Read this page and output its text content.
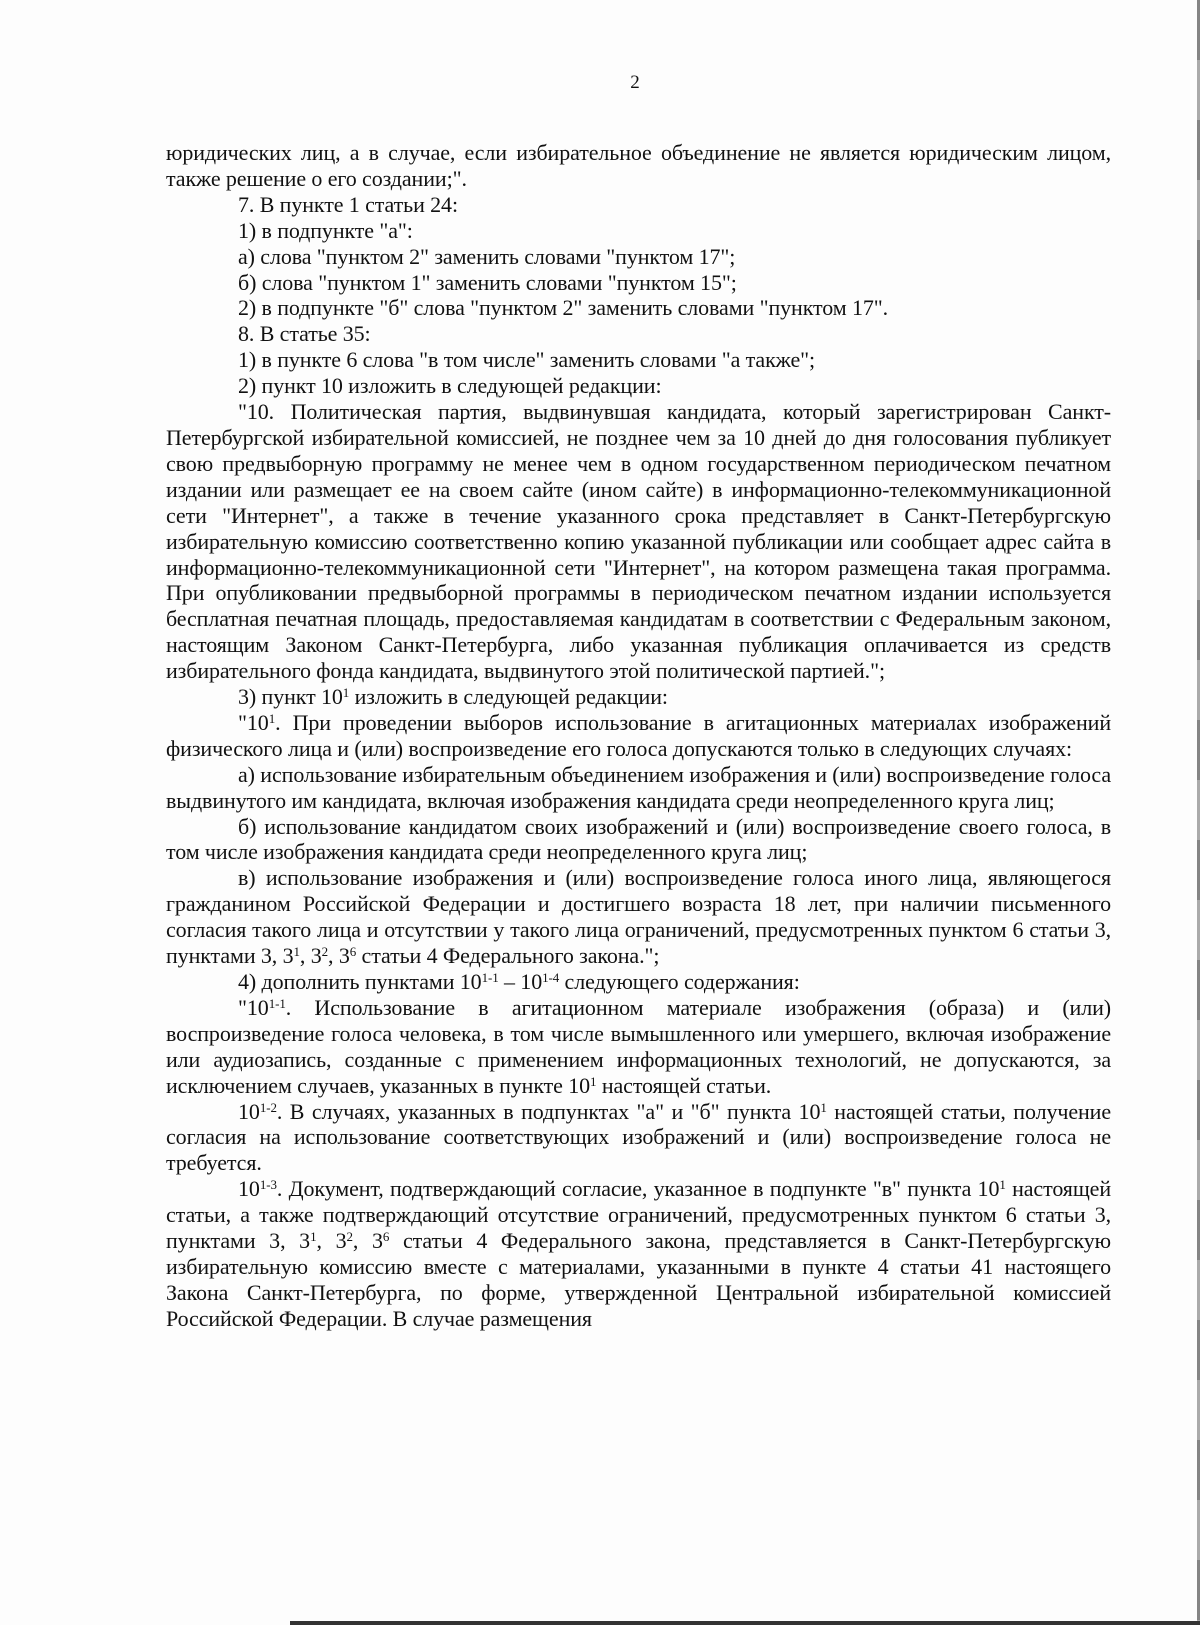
2

юридических лиц, а в случае, если избирательное объединение не является юридическим лицом, также решение о его создании;".

7. В пункте 1 статьи 24:

1) в подпункте "а":

а) слова "пунктом 2" заменить словами "пунктом 17";

б) слова "пунктом 1" заменить словами "пунктом 15";

2) в подпункте "б" слова "пунктом 2" заменить словами "пунктом 17".

8. В статье 35:

1) в пункте 6 слова "в том числе" заменить словами "а также";

2) пункт 10 изложить в следующей редакции:

"10. Политическая партия, выдвинувшая кандидата, который зарегистрирован Санкт-Петербургской избирательной комиссией, не позднее чем за 10 дней до дня голосования публикует свою предвыборную программу не менее чем в одном государственном периодическом печатном издании или размещает ее на своем сайте (ином сайте) в информационно-телекоммуникационной сети "Интернет", а также в течение указанного срока представляет в Санкт-Петербургскую избирательную комиссию соответственно копию указанной публикации или сообщает адрес сайта в информационно-телекоммуникационной сети "Интернет", на котором размещена такая программа. При опубликовании предвыборной программы в периодическом печатном издании используется бесплатная печатная площадь, предоставляемая кандидатам в соответствии с Федеральным законом, настоящим Законом Санкт-Петербурга, либо указанная публикация оплачивается из средств избирательного фонда кандидата, выдвинутого этой политической партией.";

3) пункт $10^1$ изложить в следующей редакции:

"$10^1$. При проведении выборов использование в агитационных материалах изображений физического лица и (или) воспроизведение его голоса допускаются только в следующих случаях:

а) использование избирательным объединением изображения и (или) воспроизведение голоса выдвинутого им кандидата, включая изображения кандидата среди неопределенного круга лиц;

б) использование кандидатом своих изображений и (или) воспроизведение своего голоса, в том числе изображения кандидата среди неопределенного круга лиц;

в) использование изображения и (или) воспроизведение голоса иного лица, являющегося гражданином Российской Федерации и достигшего возраста 18 лет, при наличии письменного согласия такого лица и отсутствии у такого лица ограничений, предусмотренных пунктом 6 статьи 3, пунктами 3, $3^1$, $3^2$, $3^6$ статьи 4 Федерального закона.";

4) дополнить пунктами 10$^{1-1}$ – 10$^{1-4}$ следующего содержания:

"10$^{1-1}$. Использование в агитационном материале изображения (образа) и (или) воспроизведение голоса человека, в том числе вымышленного или умершего, включая изображение или аудиозапись, созданные с применением информационных технологий, не допускаются, за исключением случаев, указанных в пункте $10^1$ настоящей статьи.

10$^{1-2}$. В случаях, указанных в подпунктах "а" и "б" пункта $10^1$ настоящей статьи, получение согласия на использование соответствующих изображений и (или) воспроизведение голоса не требуется.

10$^{1-3}$. Документ, подтверждающий согласие, указанное в подпункте "в" пункта $10^1$ настоящей статьи, а также подтверждающий отсутствие ограничений, предусмотренных пунктом 6 статьи 3, пунктами 3, $3^1$, $3^2$, $3^6$ статьи 4 Федерального закона, представляется в Санкт-Петербургскую избирательную комиссию вместе с материалами, указанными в пункте 4 статьи 41 настоящего Закона Санкт-Петербурга, по форме, утвержденной Центральной избирательной комиссией Российской Федерации. В случае размещения
